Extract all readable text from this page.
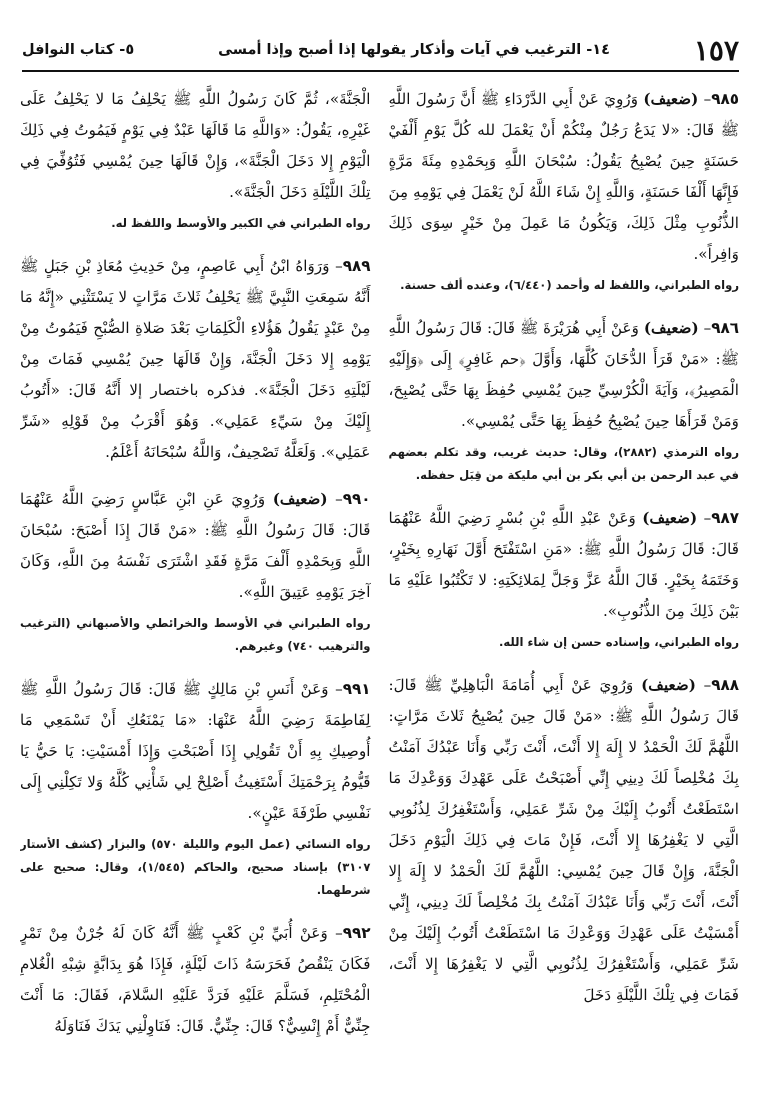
١٥٧
١٤- الترغيب في آيات وأذكار يقولها إذا أصبح وإذا أمسى
٥- كتاب النوافل

٩٨٥– (ضعيف) وَرُوِيَ عَنْ أَبِي الدَّرْدَاءِ ﷺ أَنَّ رَسُولَ اللَّهِ ﷺ قَالَ: «لا يَدَعُ رَجُلٌ مِنْكُمْ أَنْ يَعْمَلَ لله كُلَّ يَوْمِ أَلْفَيْ حَسَنَةٍ حِينَ يُصْبِحُ يَقُولُ: سُبْحَانَ اللَّهِ وَبِحَمْدِهِ مِئَةَ مَرَّةٍ فَإِنَّهَا أَلْفَا حَسَنَةٍ، وَاللَّهِ إِنْ شَاءَ اللَّهُ لَنْ يَعْمَلَ فِي يَوْمِهِ مِنَ الذُّنُوبِ مِثْلَ ذَلِكَ، وَيَكُونُ مَا عَمِلَ مِنْ خَيْرٍ سِوَى ذَلِكَ وَافِراً».

رواه الطبراني، واللفظ له وأحمد (٦/٤٤٠)، وعنده ألف حسنة.

٩٨٦– (ضعيف) وَعَنْ أَبِي هُرَيْرَةَ ﷺ قَالَ: قَالَ رَسُولُ اللَّهِ ﷺ: «مَنْ قَرَأَ الدُّخَانَ كُلَّهَا، وَأَوَّلَ ﴿حم غَافِرٍ﴾ إِلَى ﴿وَإِلَيْهِ الْمَصِيرُ﴾، وَآيَةَ الْكُرْسِيِّ حِينَ يُمْسِي حُفِظَ بِهَا حَتَّى يُصْبِحَ، وَمَنْ قَرَأَهَا حِينَ يُصْبِحُ حُفِظَ بِهَا حَتَّى يُمْسِي».

رواه الترمذي (٢٨٨٢)، وقال: حديث غريب، وقد تكلم بعضهم في عبد الرحمن بن أبي بكر بن أبي مليكة من قِبَل حفظه.

٩٨٧– (ضعيف) وَعَنْ عَبْدِ اللَّهِ بْنِ بُسْرٍ رَضِيَ اللَّهُ عَنْهُمَا قَالَ: قَالَ رَسُولُ اللَّهِ ﷺ: «مَنِ اسْتَفْتَحَ أَوَّلَ نَهَارِهِ بِخَيْرٍ، وَخَتَمَهُ بِخَيْرٍ. قَالَ اللَّهُ عَزَّ وَجَلَّ لِمَلائِكَتِهِ: لا تَكْتُبُوا عَلَيْهِ مَا بَيْنَ ذَلِكَ مِنَ الذُّنُوبِ».

رواه الطبراني، وإسناده حسن إن شاء الله.

٩٨٨– (ضعيف) وَرُوِيَ عَنْ أَبِي أُمَامَةَ الْبَاهِلِيِّ ﷺ قَالَ: قَالَ رَسُولُ اللَّهِ ﷺ: «مَنْ قَالَ حِينَ يُصْبِحُ ثَلاثَ مَرَّاتٍ: اللَّهُمَّ لَكَ الْحَمْدُ لا إِلَهَ إِلا أَنْتَ، أَنْتَ رَبِّي وَأَنَا عَبْدُكَ آمَنْتُ بِكَ مُخْلِصاً لَكَ دِينِي إِنِّي أَصْبَحْتُ عَلَى عَهْدِكَ وَوَعْدِكَ مَا اسْتَطَعْتُ أَتُوبُ إِلَيْكَ مِنْ شَرِّ عَمَلِي، وَأَسْتَغْفِرُكَ لِذُنُوبِي الَّتِي لا يَغْفِرُهَا إِلا أَنْتَ، فَإِنْ مَاتَ فِي ذَلِكَ الْيَوْمِ دَخَلَ الْجَنَّةَ، وَإِنْ قَالَ حِينَ يُمْسِي: اللَّهُمَّ لَكَ الْحَمْدُ لا إِلَهَ إِلا أَنْتَ، أَنْتَ رَبِّي وَأَنَا عَبْدُكَ آمَنْتُ بِكَ مُخْلِصاً لَكَ دِينِي، إِنِّي أَمْسَيْتُ عَلَى عَهْدِكَ وَوَعْدِكَ مَا اسْتَطَعْتُ أَتُوبُ إِلَيْكَ مِنْ شَرِّ عَمَلِي، وَأَسْتَغْفِرُكَ لِذُنُوبِي الَّتِي لا يَغْفِرُهَا إِلا أَنْتَ، فَمَاتَ فِي تِلْكَ اللَّيْلَةِ دَخَلَ

الْجَنَّةَ»، ثُمَّ كَانَ رَسُولُ اللَّهِ ﷺ يَحْلِفُ مَا لا يَحْلِفُ عَلَى غَيْرِهِ، يَقُولُ: «وَاللَّهِ مَا قَالَهَا عَبْدٌ فِي يَوْمٍ فَيَمُوتُ فِي ذَلِكَ الْيَوْمِ إِلا دَخَلَ الْجَنَّةَ»، وَإِنْ قَالَهَا حِينَ يُمْسِي فَتُوُفِّيَ فِي تِلْكَ اللَّيْلَةِ دَخَلَ الْجَنَّةَ».

رواه الطبراني في الكبير والأوسط واللفظ له.

٩٨٩– وَرَوَاهُ ابْنُ أَبِي عَاصِمٍ، مِنْ حَدِيثِ مُعَاذِ بْنِ جَبَلٍ ﷺ أَنَّهُ سَمِعَتِ النَّبِيَّ ﷺ يَحْلِفُ ثَلاثَ مَرَّاتٍ لا يَسْتَثْنِي «إِنَّهُ مَا مِنْ عَبْدٍ يَقُولُ هَؤُلاءِ الْكَلِمَاتِ بَعْدَ صَلاةِ الصُّبْحِ فَيَمُوتُ مِنْ يَوْمِهِ إِلا دَخَلَ الْجَنَّةَ، وَإِنْ قَالَهَا حِينَ يُمْسِي فَمَاتَ مِنْ لَيْلَتِهِ دَخَلَ الْجَنَّةَ». فذكره باختصار إلا أَنَّهُ قَالَ: «أَتُوبُ إِلَيْكَ مِنْ سَيِّءِ عَمَلِي». وَهُوَ أَقْرَبُ مِنْ قَوْلِهِ «شَرِّ عَمَلِي». وَلَعَلَّهُ تَصْحِيفٌ، وَاللَّهُ سُبْحَانَهُ أَعْلَمُ.

٩٩٠– (ضعيف) وَرُوِيَ عَنِ ابْنِ عَبَّاسٍ رَضِيَ اللَّهُ عَنْهُمَا قَالَ: قَالَ رَسُولُ اللَّهِ ﷺ: «مَنْ قَالَ إِذَا أَصْبَحَ: سُبْحَانَ اللَّهِ وَبِحَمْدِهِ أَلْفَ مَرَّةٍ فَقَدِ اشْتَرَى نَفْسَهُ مِنَ اللَّهِ، وَكَانَ آخِرَ يَوْمِهِ عَتِيقَ اللَّهِ».

رواه الطبراني في الأوسط والخرائطي والأصبهاني (الترغيب والترهيب ٧٤٠) وغيرهم.

٩٩١– وَعَنْ أَنَسِ بْنِ مَالِكٍ ﷺ قَالَ: قَالَ رَسُولُ اللَّهِ ﷺ لِفَاطِمَةَ رَضِيَ اللَّهُ عَنْهَا: «مَا يَمْنَعُكِ أَنْ تَسْمَعِي مَا أُوصِيكِ بِهِ أَنْ تَقُولِي إِذَا أَصْبَحْتِ وَإِذَا أَمْسَيْتِ: يَا حَيُّ يَا قَيُّومُ بِرَحْمَتِكَ أَسْتَغِيثُ أَصْلِحْ لِي شَأْنِي كُلَّهُ وَلا تَكِلْنِي إِلَى نَفْسِي طَرْفَةَ عَيْنٍ».

رواه النسائي (عمل اليوم والليلة ٥٧٠) والبزار (كشف الأستار ٣١٠٧) بإسناد صحيح، والحاكم (١/٥٤٥)، وقال: صحيح على شرطهما.

٩٩٢– وَعَنْ أُبَيِّ بْنِ كَعْبٍ ﷺ أَنَّهُ كَانَ لَهُ جُرْنٌ مِنْ تَمْرٍ فَكَانَ يَنْقُصُ فَحَرَسَهُ ذَاتَ لَيْلَةٍ، فَإِذَا هُوَ بِدَابَّةٍ شِبْهِ الْغُلامِ الْمُحْتَلِمِ، فَسَلَّمَ عَلَيْهِ فَرَدَّ عَلَيْهِ السَّلامَ، فَقَالَ: مَا أَنْتَ جِنِّيٌّ أَمْ إِنْسِيٌّ؟ قَالَ: جِنِّيٌّ. قَالَ: فَنَاوِلْنِي يَدَكَ فَنَاوَلَهُ
